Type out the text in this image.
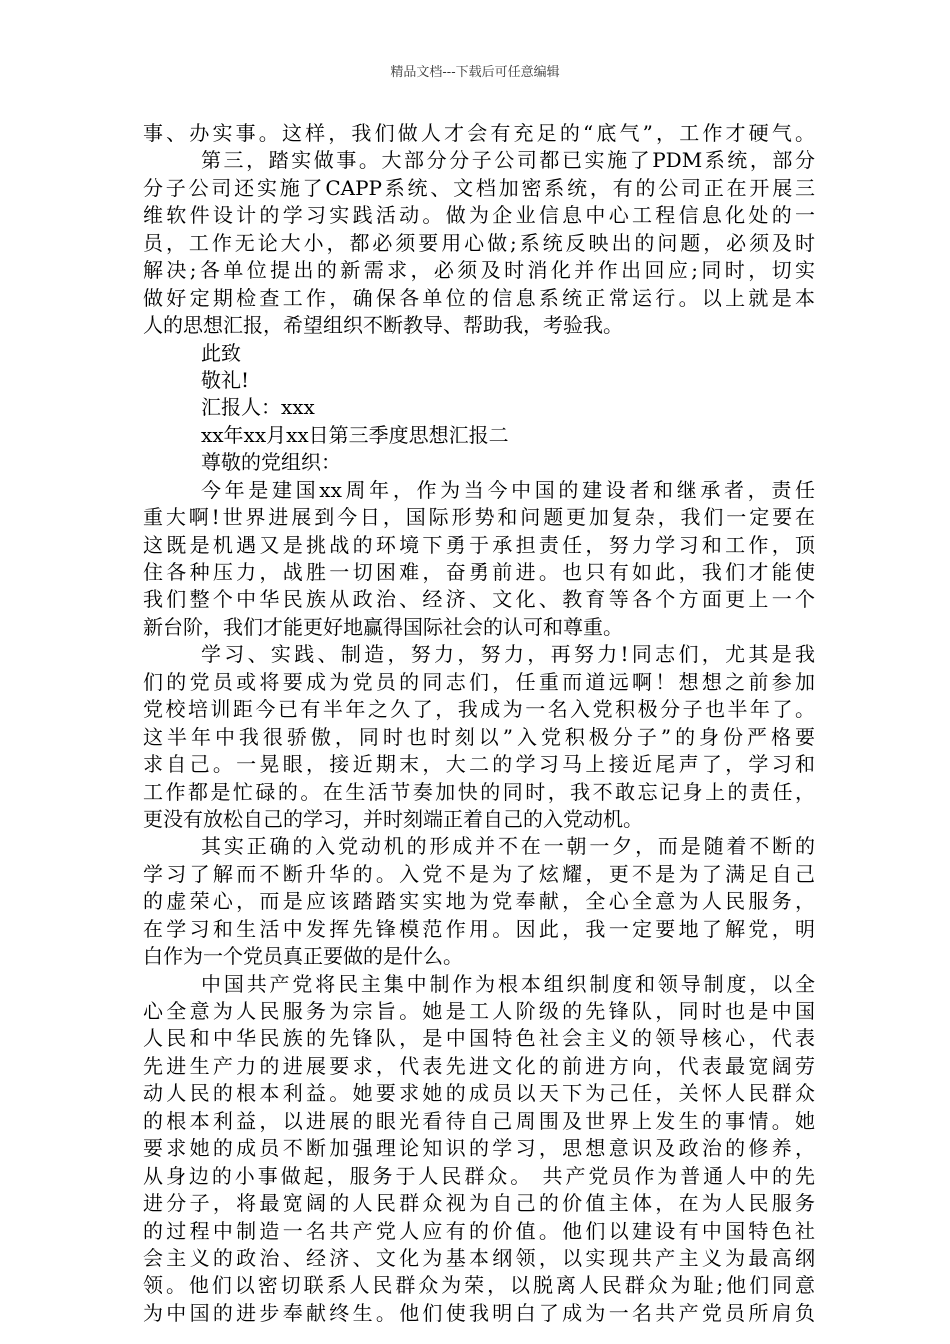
精品文档---下载后可任意编辑
事、办实事。这样，我们做人才会有充足的“底气”，工作才硬气。
第三，踏实做事。大部分分子公司都已实施了PDM系统，部分
分子公司还实施了CAPP系统、文档加密系统，有的公司正在开展三
维软件设计的学习实践活动。做为企业信息中心工程信息化处的一
员，工作无论大小，都必须要用心做;系统反映出的问题，必须及时
解决;各单位提出的新需求，必须及时消化并作出回应;同时，切实
做好定期检查工作，确保各单位的信息系统正常运行。以上就是本
人的思想汇报，希望组织不断教导、帮助我，考验我。
此致
敬礼!
汇报人：xxx
xx年xx月xx日第三季度思想汇报二
尊敬的党组织：
今年是建国xx周年，作为当今中国的建设者和继承者，责任
重大啊!世界进展到今日，国际形势和问题更加复杂，我们一定要在
这既是机遇又是挑战的环境下勇于承担责任，努力学习和工作，顶
住各种压力，战胜一切困难，奋勇前进。也只有如此，我们才能使
我们整个中华民族从政治、经济、文化、教育等各个方面更上一个
新台阶，我们才能更好地赢得国际社会的认可和尊重。
学习、实践、制造，努力，努力，再努力!同志们，尤其是我
们的党员或将要成为党员的同志们，任重而道远啊！想想之前参加
党校培训距今已有半年之久了，我成为一名入党积极分子也半年了。
这半年中我很骄傲，同时也时刻以”入党积极分子”的身份严格要
求自己。一晃眼，接近期末，大二的学习马上接近尾声了，学习和
工作都是忙碌的。在生活节奏加快的同时，我不敢忘记身上的责任，
更没有放松自己的学习，并时刻端正着自己的入党动机。
其实正确的入党动机的形成并不在一朝一夕，而是随着不断的
学习了解而不断升华的。入党不是为了炫耀，更不是为了满足自己
的虚荣心，而是应该踏踏实实地为党奉献，全心全意为人民服务，
在学习和生活中发挥先锋模范作用。因此，我一定要地了解党，明
白作为一个党员真正要做的是什么。
中国共产党将民主集中制作为根本组织制度和领导制度，以全
心全意为人民服务为宗旨。她是工人阶级的先锋队，同时也是中国
人民和中华民族的先锋队，是中国特色社会主义的领导核心，代表
先进生产力的进展要求，代表先进文化的前进方向，代表最宽阔劳
动人民的根本利益。她要求她的成员以天下为己任，关怀人民群众
的根本利益，以进展的眼光看待自己周围及世界上发生的事情。她
要求她的成员不断加强理论知识的学习，思想意识及政治的修养，
从身边的小事做起，服务于人民群众。 共产党员作为普通人中的先
进分子，将最宽阔的人民群众视为自己的价值主体，在为人民服务
的过程中制造一名共产党人应有的价值。他们以建设有中国特色社
会主义的政治、经济、文化为基本纲领，以实现共产主义为最高纲
领。他们以密切联系人民群众为荣，以脱离人民群众为耻;他们同意
为中国的进步奉献终生。他们使我明白了成为一名共产党员所肩负
